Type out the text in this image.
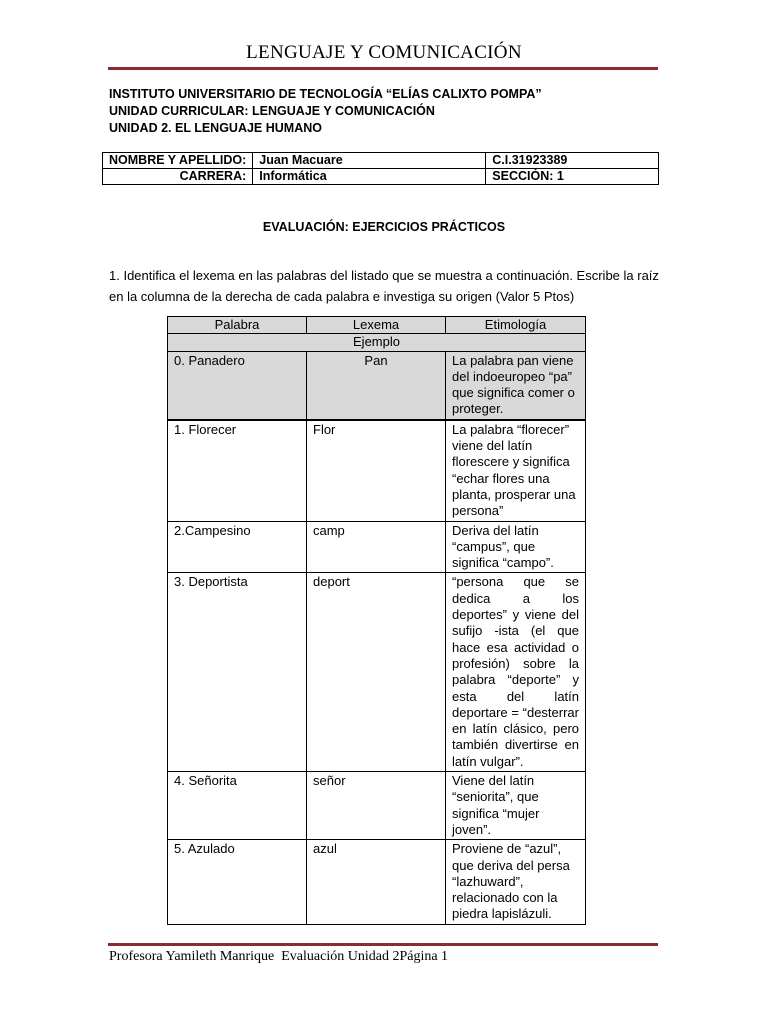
LENGUAJE Y COMUNICACIÓN
INSTITUTO UNIVERSITARIO DE TECNOLOGÍA “ELÍAS CALIXTO POMPA”
UNIDAD CURRICULAR: LENGUAJE Y COMUNICACIÓN
UNIDAD 2. EL LENGUAJE HUMANO
NOMBRE Y APELLIDO:	Juan Macuare	C.I.31923389
CARRERA:	Informática	SECCIÓN: 1
EVALUACIÓN: EJERCICIOS PRÁCTICOS
1. Identifica el lexema en las palabras del listado que se muestra a continuación. Escribe la raíz en la columna de la derecha de cada palabra e investiga su origen (Valor 5 Ptos)
Palabra	Lexema	Etimología
Ejemplo		
0. Panadero	Pan	La palabra pan viene del indoeuropeo “pa” que significa comer o proteger.
1. Florecer	Flor	La palabra “florecer” viene del latín florescere y significa “echar flores una planta, prosperar una persona”
2.Campesino	camp	Deriva del latín “campus”, que significa “campo”.
3. Deportista	deport	“persona que se dedica a los deportes” y viene del sufijo -ista (el que hace esa actividad o profesión) sobre la palabra “deporte” y esta del latín deportare = “desterrar en latín clásico, pero también divertirse en latín vulgar”.
4. Señorita	señor	Viene del latín “seniorita”, que significa “mujer joven”.
5. Azulado	azul	Proviene de “azul”, que deriva del persa “lazhuward”, relacionado con la piedra lapislázuli.
Profesora Yamileth Manrique  Evaluación Unidad 2Página 1
